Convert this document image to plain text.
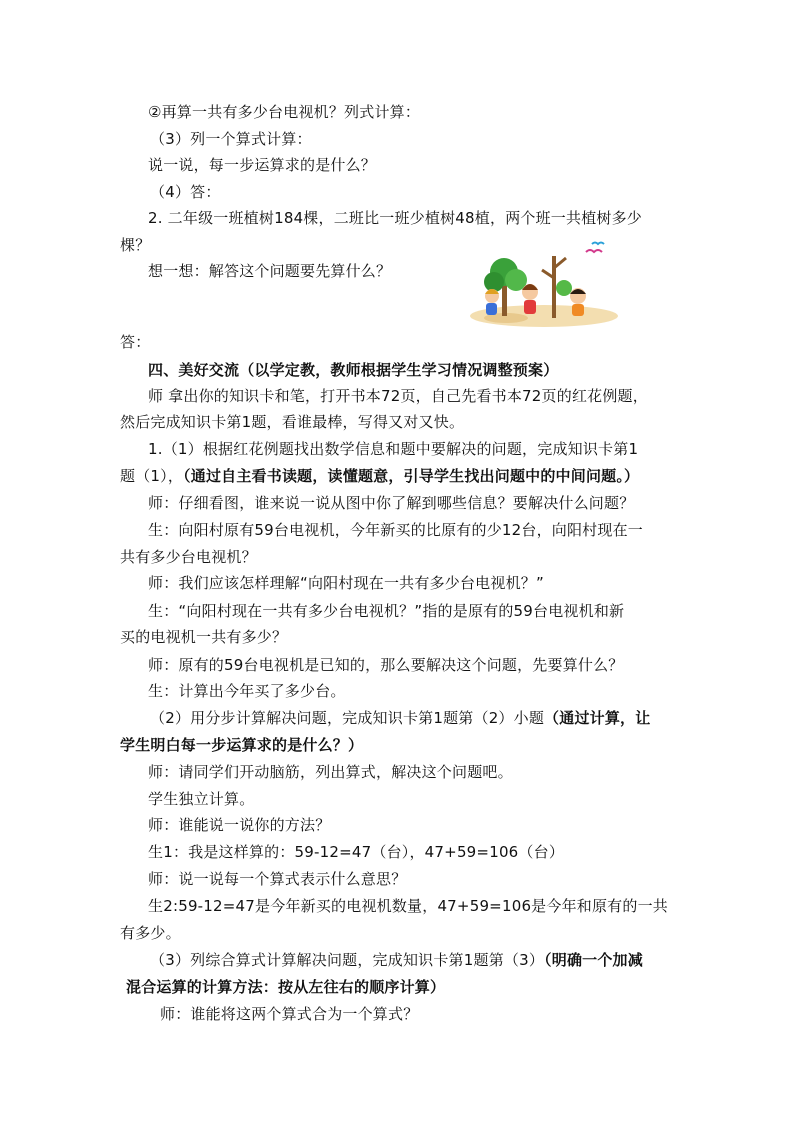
②再算一共有多少台电视机？列式计算：
（3）列一个算式计算：
说一说，每一步运算求的是什么？
（4）答：
2. 二年级一班植树184棵，二班比一班少植树48植，两个班一共植树多少
棵？
想一想：解答这个问题要先算什么？
答：
四、美好交流（以学定教，教师根据学生学习情况调整预案）
师 拿出你的知识卡和笔，打开书本72页，自己先看书本72页的红花例题，
然后完成知识卡第1题，看谁最棒，写得又对又快。
1.（1）根据红花例题找出数学信息和题中要解决的问题，完成知识卡第1
题（1），（通过自主看书读题，读懂题意，引导学生找出问题中的中间问题。）
师：仔细看图，谁来说一说从图中你了解到哪些信息？要解决什么问题？
生：向阳村原有59台电视机，今年新买的比原有的少12台，向阳村现在一
共有多少台电视机？
师：我们应该怎样理解“向阳村现在一共有多少台电视机？”
生：“向阳村现在一共有多少台电视机？”指的是原有的59台电视机和新
买的电视机一共有多少？
师：原有的59台电视机是已知的，那么要解决这个问题，先要算什么？
生：计算出今年买了多少台。
（2）用分步计算解决问题，完成知识卡第1题第（2）小题（通过计算，让
学生明白每一步运算求的是什么？）
师：请同学们开动脑筋，列出算式，解决这个问题吧。
学生独立计算。
师：谁能说一说你的方法？
生1：我是这样算的：59-12=47（台），47+59=106（台）
师：说一说每一个算式表示什么意思？
生2:59-12=47是今年新买的电视机数量，47+59=106是今年和原有的一共
有多少。
（3）列综合算式计算解决问题，完成知识卡第1题第（3）（明确一个加减
混合运算的计算方法：按从左往右的顺序计算）
师：谁能将这两个算式合为一个算式？
